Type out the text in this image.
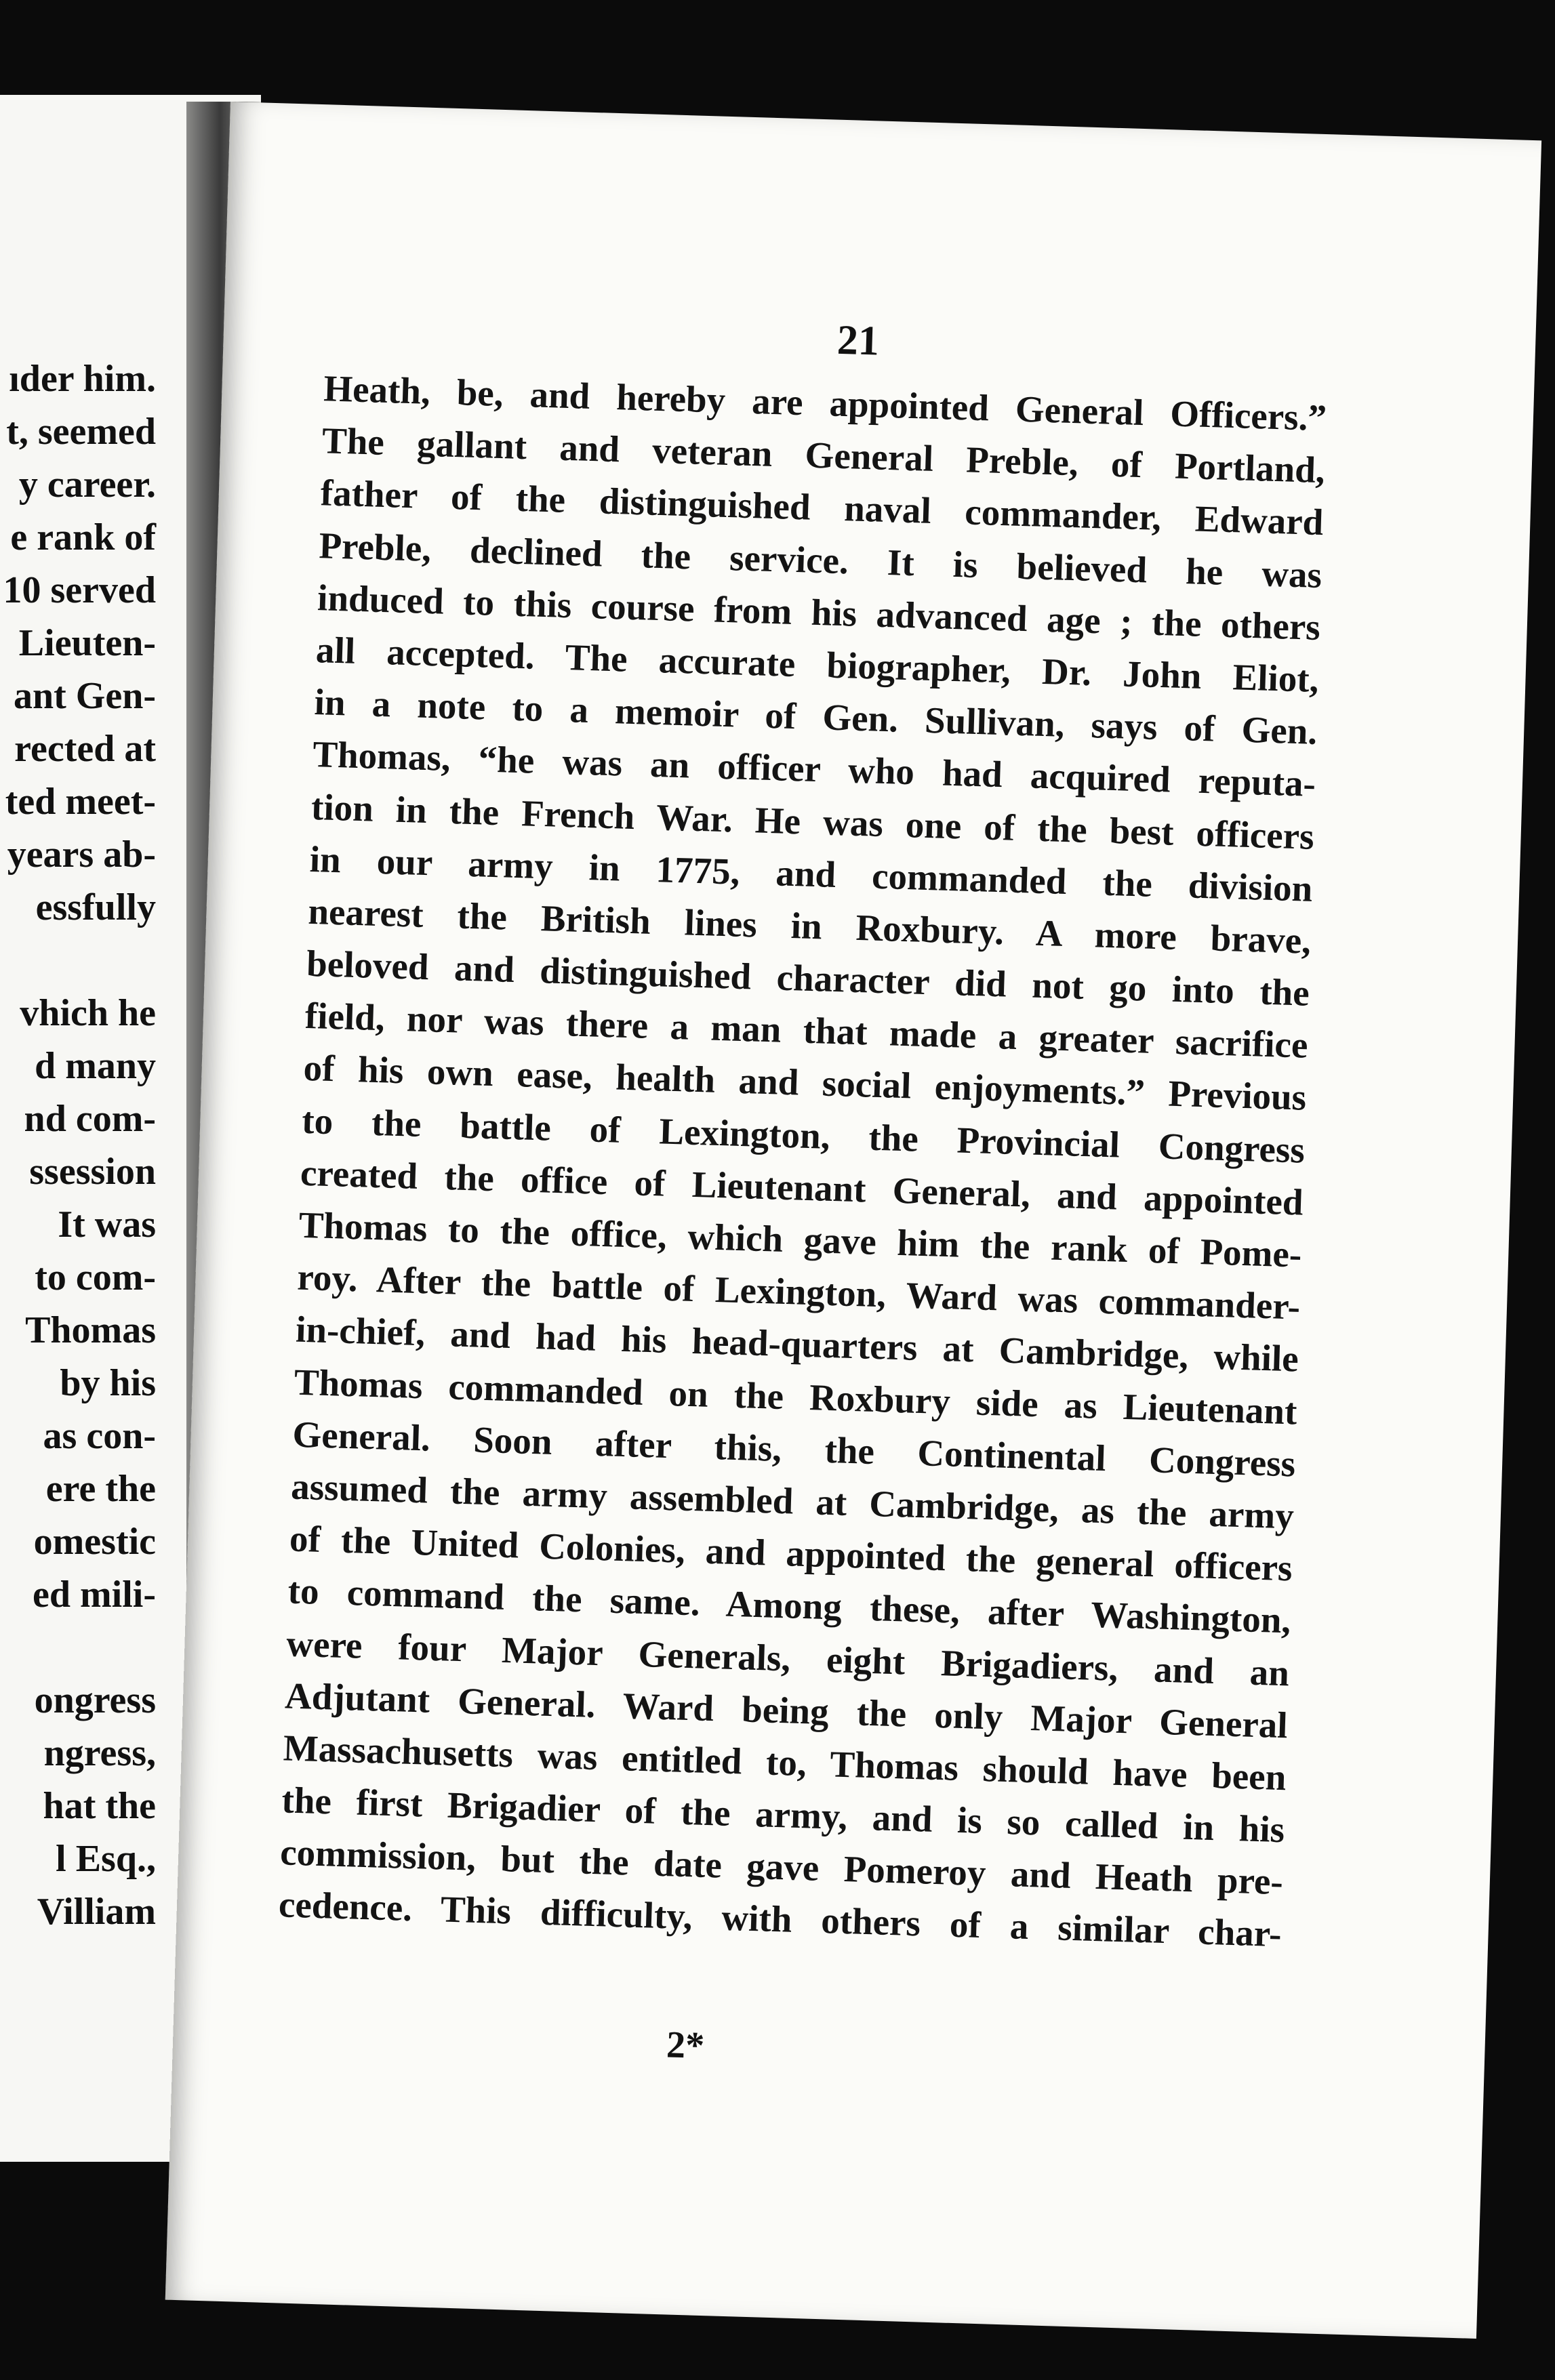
ıder him.
t, seemed
y career.
e rank of
10 served
Lieuten-
ant Gen-
rected at
ted meet-
years ab-
essfully
vhich he
d many
nd com-
ssession
It was
to com-
Thomas
by his
as con-
ere the
omestic
ed mili-
ongress
ngress,
hat the
l Esq.,
Villiam
21
Heath, be, and hereby are appointed General Officers.”
The gallant and veteran General Preble, of Portland,
father of the distinguished naval commander, Edward
Preble, declined the service. It is believed he was
induced to this course from his advanced age ; the others
all accepted. The accurate biographer, Dr. John Eliot,
in a note to a memoir of Gen. Sullivan, says of Gen.
Thomas, “he was an officer who had acquired reputa-
tion in the French War. He was one of the best officers
in our army in 1775, and commanded the division
nearest the British lines in Roxbury. A more brave,
beloved and distinguished character did not go into the
field, nor was there a man that made a greater sacrifice
of his own ease, health and social enjoyments.” Previous
to the battle of Lexington, the Provincial Congress
created the office of Lieutenant General, and appointed
Thomas to the office, which gave him the rank of Pome-
roy. After the battle of Lexington, Ward was commander-
in-chief, and had his head-quarters at Cambridge, while
Thomas commanded on the Roxbury side as Lieutenant
General. Soon after this, the Continental Congress
assumed the army assembled at Cambridge, as the army
of the United Colonies, and appointed the general officers
to command the same. Among these, after Washington,
were four Major Generals, eight Brigadiers, and an
Adjutant General. Ward being the only Major General
Massachusetts was entitled to, Thomas should have been
the first Brigadier of the army, and is so called in his
commission, but the date gave Pomeroy and Heath pre-
cedence. This difficulty, with others of a similar char-
2*
